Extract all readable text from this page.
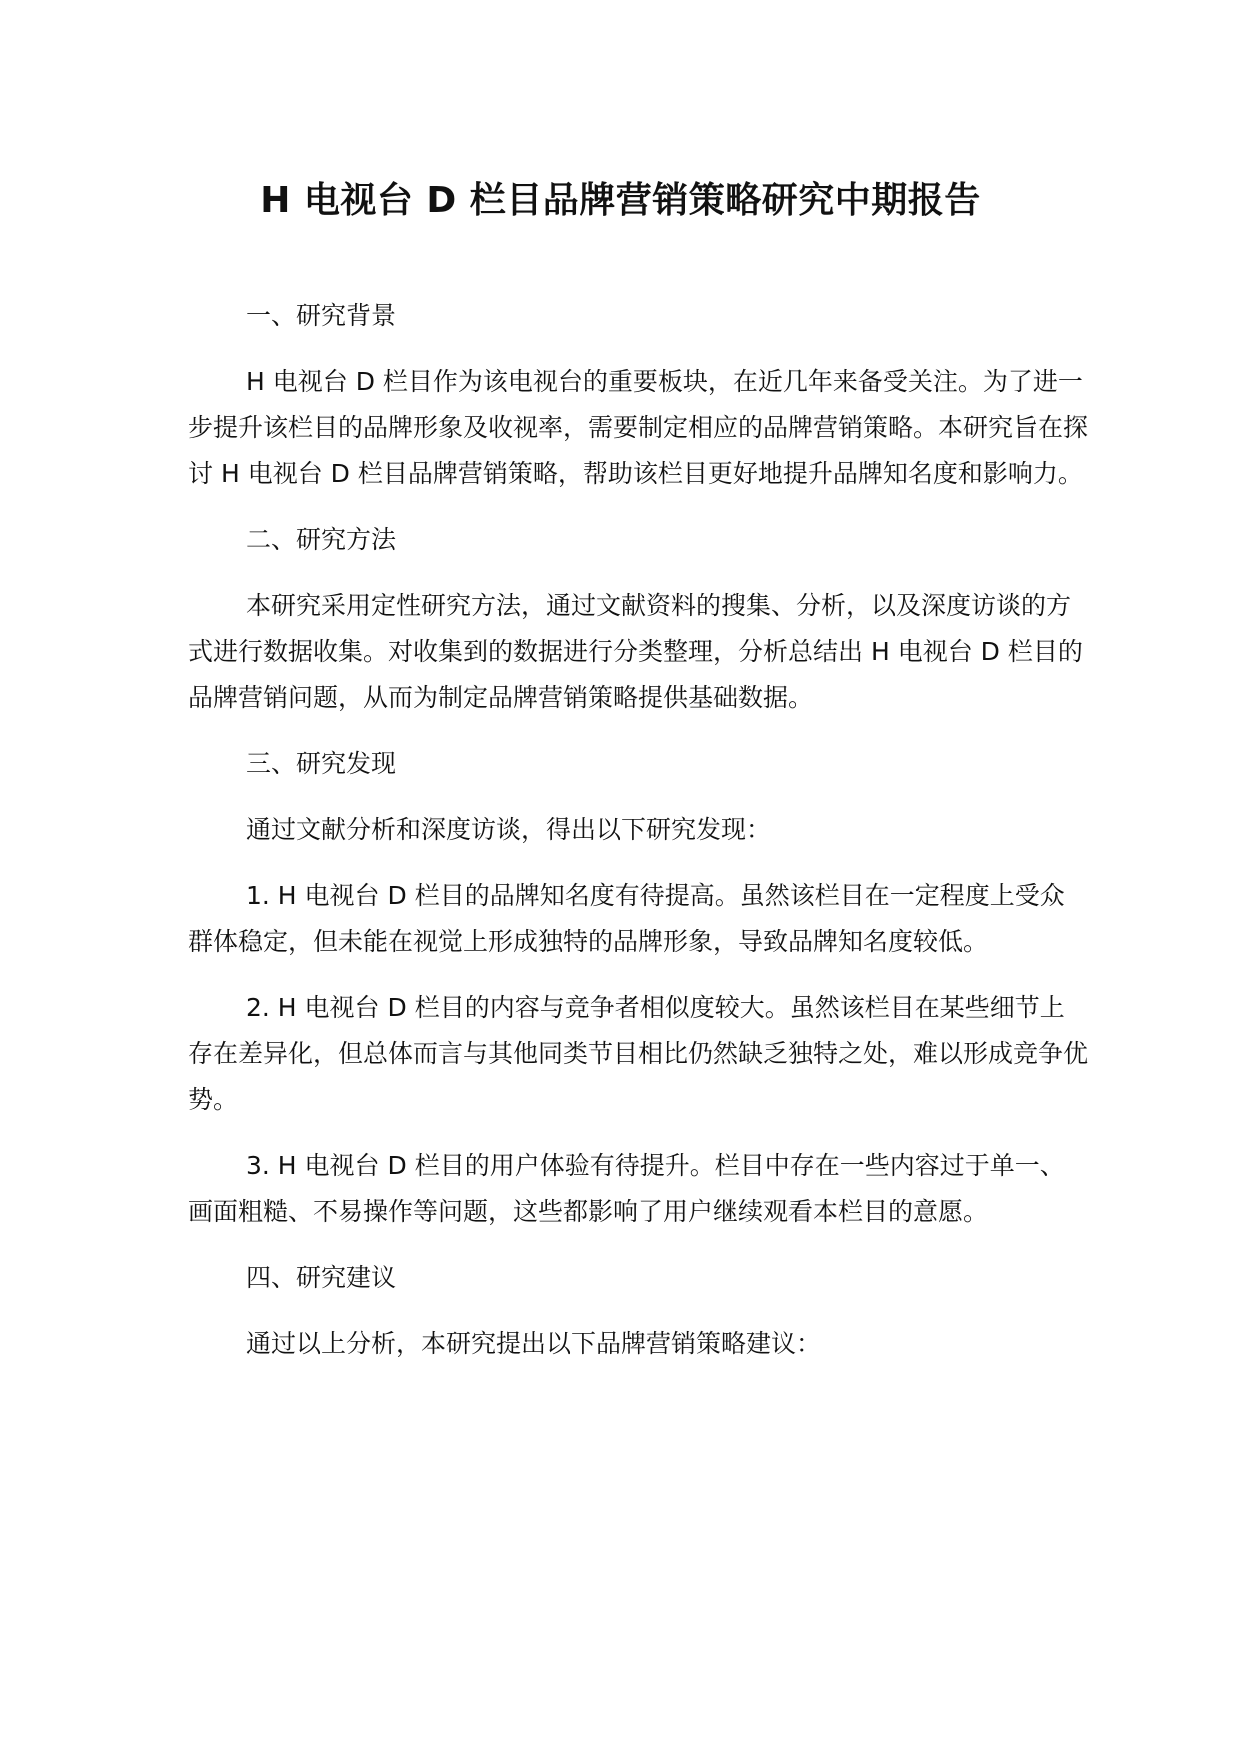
H 电视台 D 栏目品牌营销策略研究中期报告

一、研究背景

H 电视台 D 栏目作为该电视台的重要板块，在近几年来备受关注。为了进一步提升该栏目的品牌形象及收视率，需要制定相应的品牌营销策略。本研究旨在探讨 H 电视台 D 栏目品牌营销策略，帮助该栏目更好地提升品牌知名度和影响力。

二、研究方法

本研究采用定性研究方法，通过文献资料的搜集、分析，以及深度访谈的方式进行数据收集。对收集到的数据进行分类整理，分析总结出 H 电视台 D 栏目的品牌营销问题，从而为制定品牌营销策略提供基础数据。

三、研究发现

通过文献分析和深度访谈，得出以下研究发现：

1. H 电视台 D 栏目的品牌知名度有待提高。虽然该栏目在一定程度上受众群体稳定，但未能在视觉上形成独特的品牌形象，导致品牌知名度较低。

2. H 电视台 D 栏目的内容与竞争者相似度较大。虽然该栏目在某些细节上存在差异化，但总体而言与其他同类节目相比仍然缺乏独特之处，难以形成竞争优势。

3. H 电视台 D 栏目的用户体验有待提升。栏目中存在一些内容过于单一、画面粗糙、不易操作等问题，这些都影响了用户继续观看本栏目的意愿。

四、研究建议

通过以上分析，本研究提出以下品牌营销策略建议：
